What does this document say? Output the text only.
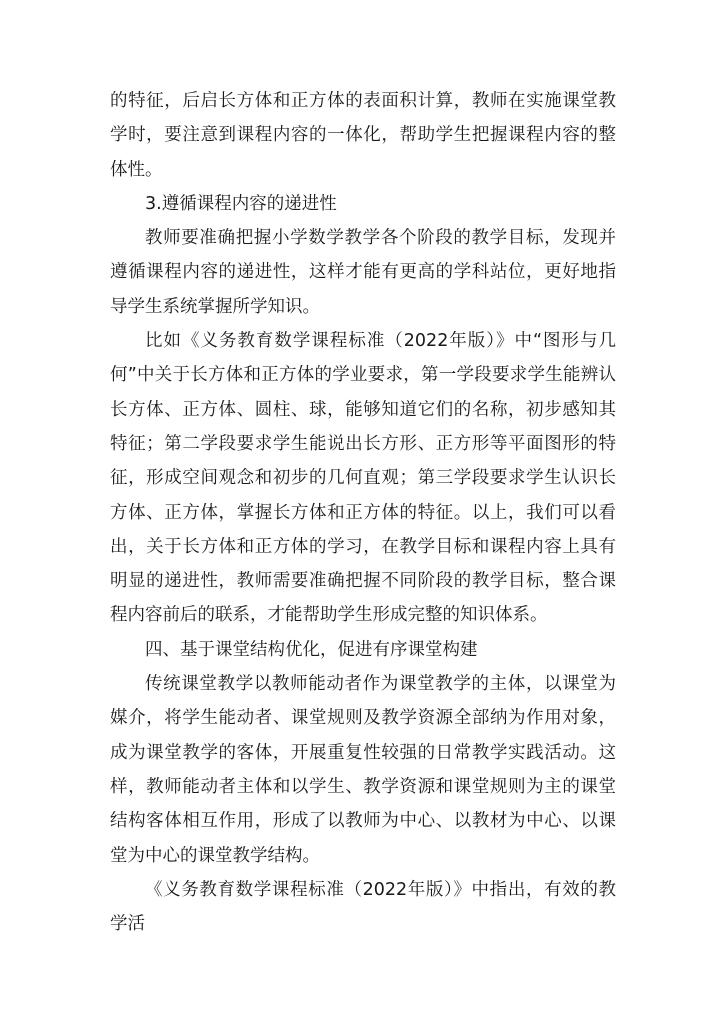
的特征，后启长方体和正方体的表面积计算，教师在实施课堂教学时，要注意到课程内容的一体化，帮助学生把握课程内容的整体性。

3.遵循课程内容的递进性

教师要准确把握小学数学教学各个阶段的教学目标，发现并遵循课程内容的递进性，这样才能有更高的学科站位，更好地指导学生系统掌握所学知识。

比如《义务教育数学课程标准（2022年版）》中“图形与几何”中关于长方体和正方体的学业要求，第一学段要求学生能辨认长方体、正方体、圆柱、球，能够知道它们的名称，初步感知其特征；第二学段要求学生能说出长方形、正方形等平面图形的特征，形成空间观念和初步的几何直观；第三学段要求学生认识长方体、正方体，掌握长方体和正方体的特征。以上，我们可以看出，关于长方体和正方体的学习，在教学目标和课程内容上具有明显的递进性，教师需要准确把握不同阶段的教学目标，整合课程内容前后的联系，才能帮助学生形成完整的知识体系。

四、基于课堂结构优化，促进有序课堂构建

传统课堂教学以教师能动者作为课堂教学的主体，以课堂为媒介，将学生能动者、课堂规则及教学资源全部纳为作用对象，成为课堂教学的客体，开展重复性较强的日常教学实践活动。这样，教师能动者主体和以学生、教学资源和课堂规则为主的课堂结构客体相互作用，形成了以教师为中心、以教材为中心、以课堂为中心的课堂教学结构。

《义务教育数学课程标准（2022年版）》中指出，有效的教学活
